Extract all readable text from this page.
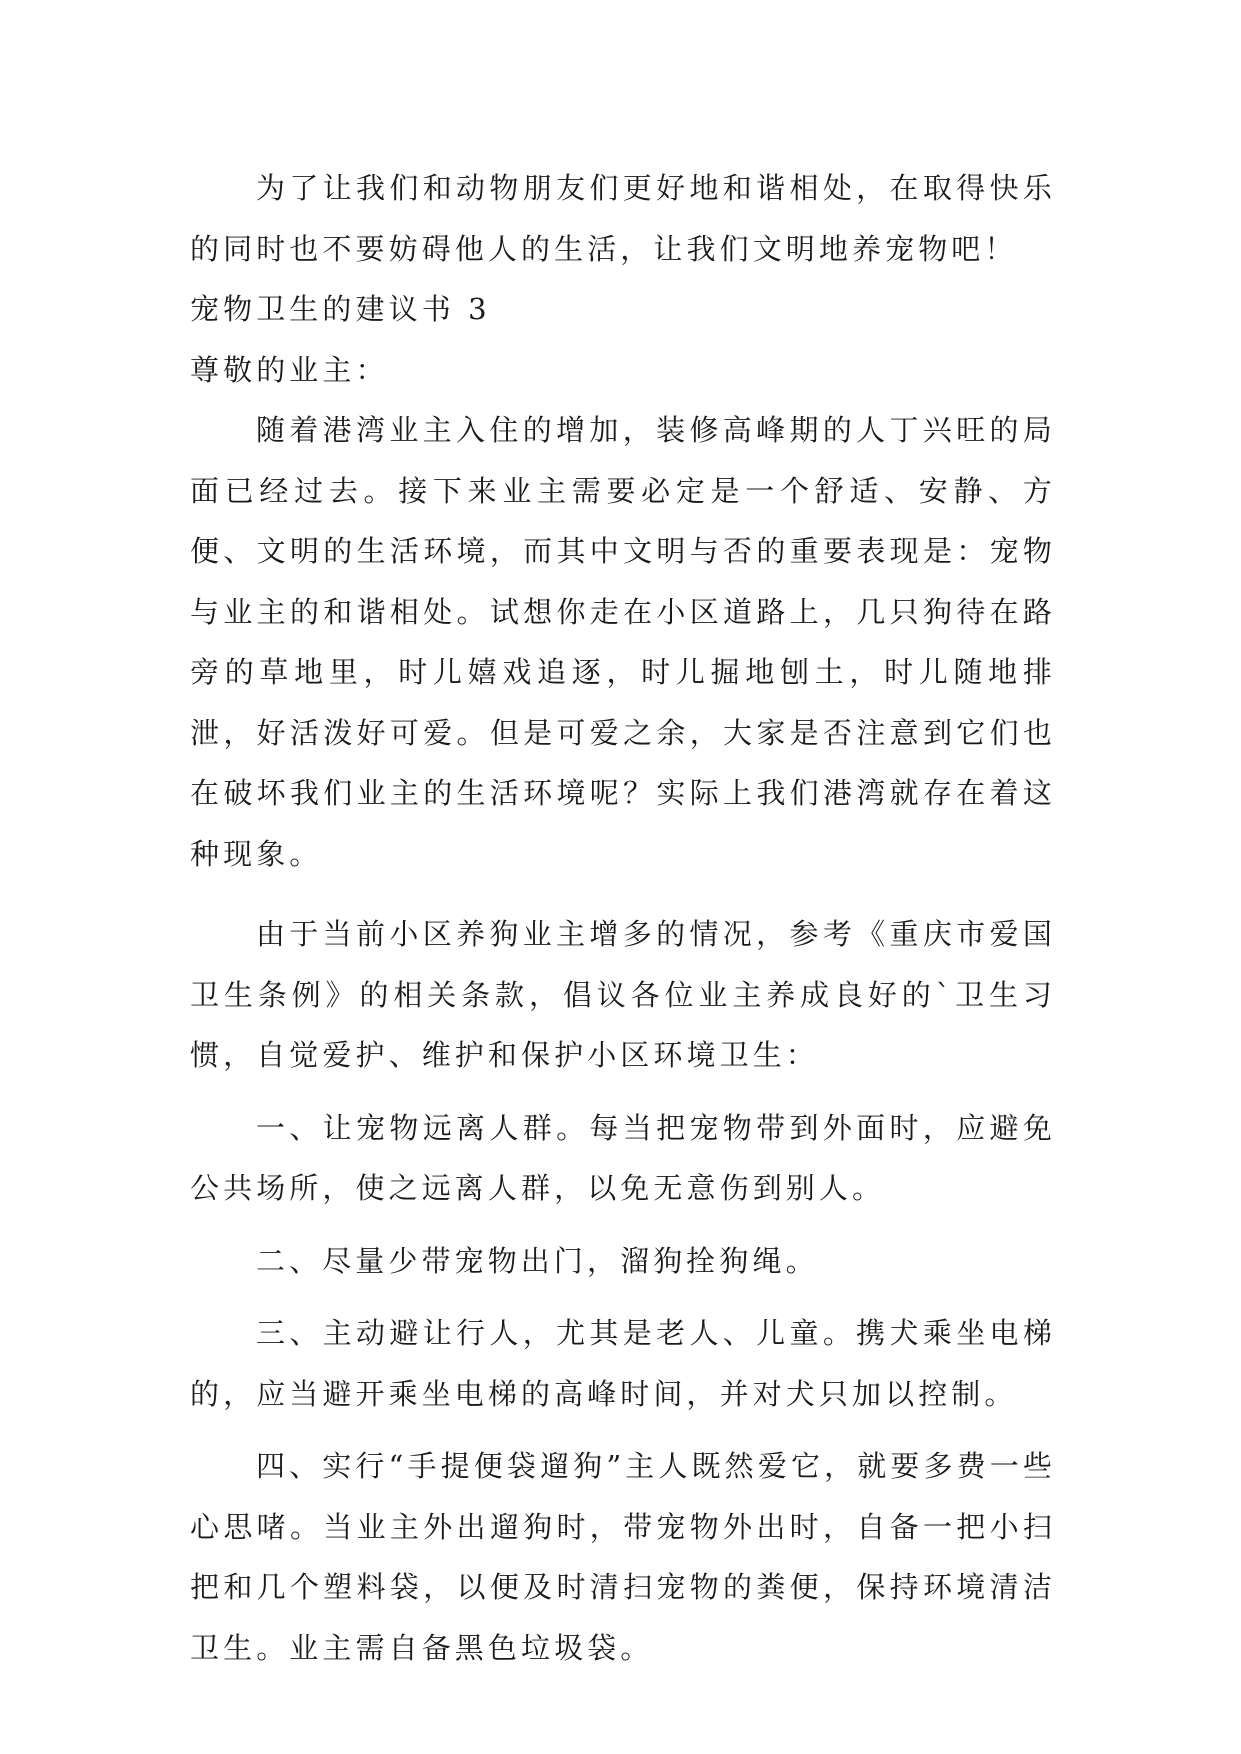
为了让我们和动物朋友们更好地和谐相处，在取得快乐的同时也不要妨碍他人的生活，让我们文明地养宠物吧！

宠物卫生的建议书 3

尊敬的业主：

随着港湾业主入住的增加，装修高峰期的人丁兴旺的局面已经过去。接下来业主需要必定是一个舒适、安静、方便、文明的生活环境，而其中文明与否的重要表现是：宠物与业主的和谐相处。试想你走在小区道路上，几只狗待在路旁的草地里，时儿嬉戏追逐，时儿掘地刨土，时儿随地排泄，好活泼好可爱。但是可爱之余，大家是否注意到它们也在破坏我们业主的生活环境呢？实际上我们港湾就存在着这种现象。

由于当前小区养狗业主增多的情况，参考《重庆市爱国卫生条例》的相关条款，倡议各位业主养成良好的`卫生习惯，自觉爱护、维护和保护小区环境卫生：

一、让宠物远离人群。每当把宠物带到外面时，应避免公共场所，使之远离人群，以免无意伤到别人。

二、尽量少带宠物出门，溜狗拴狗绳。

三、主动避让行人，尤其是老人、儿童。携犬乘坐电梯的，应当避开乘坐电梯的高峰时间，并对犬只加以控制。

四、实行“手提便袋遛狗”主人既然爱它，就要多费一些心思啫。当业主外出遛狗时，带宠物外出时，自备一把小扫把和几个塑料袋，以便及时清扫宠物的粪便，保持环境清洁卫生。业主需自备黑色垃圾袋。
